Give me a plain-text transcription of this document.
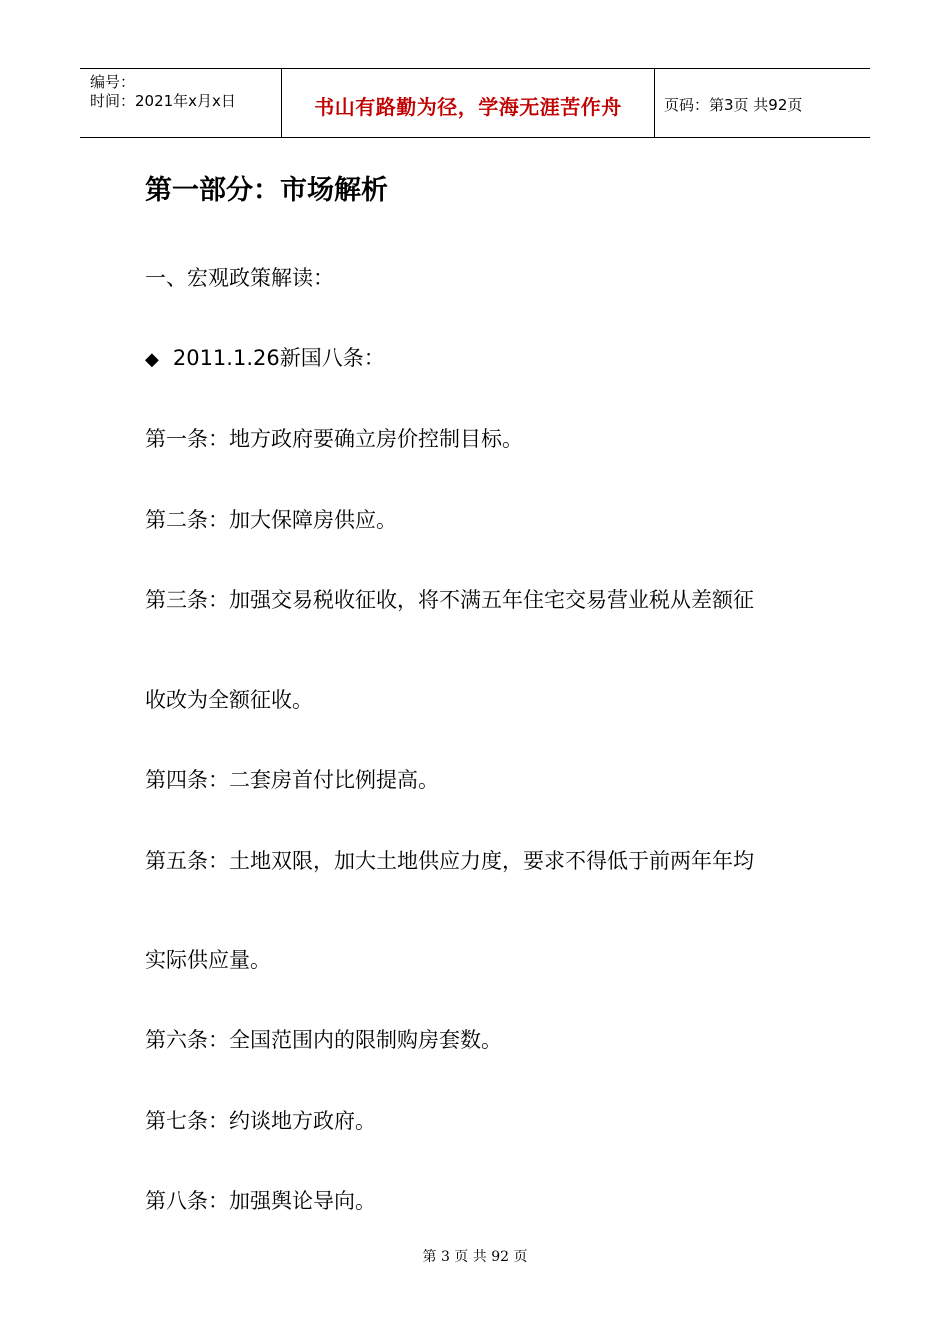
编号：
时间：2021年x月x日	书山有路勤为径，学海无涯苦作舟	页码：第3页 共92页
第一部分：市场解析
一、宏观政策解读：
◆ 2011.1.26新国八条：
第一条：地方政府要确立房价控制目标。
第二条：加大保障房供应。
第三条：加强交易税收征收，将不满五年住宅交易营业税从差额征
收改为全额征收。
第四条：二套房首付比例提高。
第五条：土地双限，加大土地供应力度，要求不得低于前两年年均
实际供应量。
第六条：全国范围内的限制购房套数。
第七条：约谈地方政府。
第八条：加强舆论导向。
第 3 页 共 92 页
